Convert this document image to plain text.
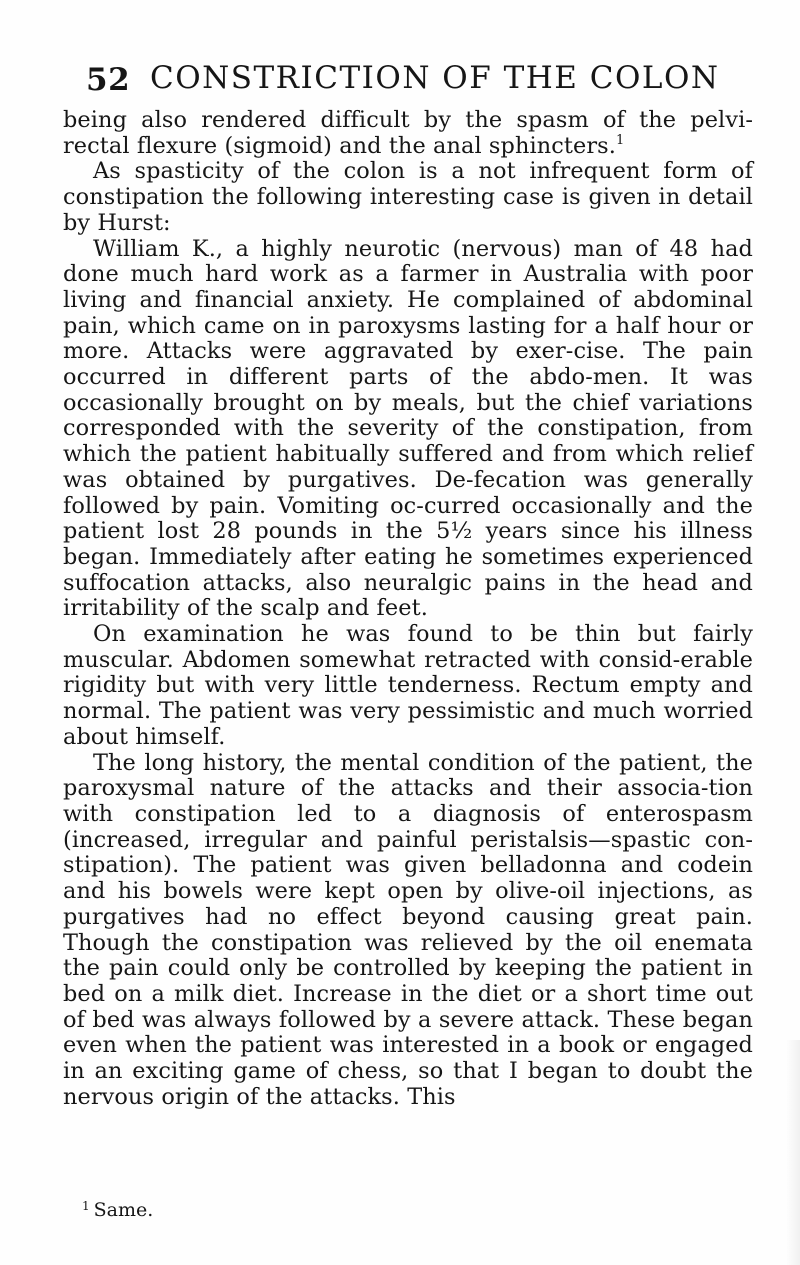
52 CONSTRICTION OF THE COLON

being also rendered difficult by the spasm of the pelvi-rectal flexure (sigmoid) and the anal sphincters.$^1$

As spasticity of the colon is a not infrequent form of constipation the following interesting case is given in detail by Hurst:

William K., a highly neurotic (nervous) man of 48 had done much hard work as a farmer in Australia with poor living and financial anxiety. He complained of abdominal pain, which came on in paroxysms lasting for a half hour or more. Attacks were aggravated by exer-cise. The pain occurred in different parts of the abdo-men. It was occasionally brought on by meals, but the chief variations corresponded with the severity of the constipation, from which the patient habitually suffered and from which relief was obtained by purgatives. De-fecation was generally followed by pain. Vomiting oc-curred occasionally and the patient lost 28 pounds in the 5½ years since his illness began. Immediately after eating he sometimes experienced suffocation attacks, also neuralgic pains in the head and irritability of the scalp and feet.

On examination he was found to be thin but fairly muscular. Abdomen somewhat retracted with consid-erable rigidity but with very little tenderness. Rectum empty and normal. The patient was very pessimistic and much worried about himself.

The long history, the mental condition of the patient, the paroxysmal nature of the attacks and their associa-tion with constipation led to a diagnosis of enterospasm (increased, irregular and painful peristalsis—spastic con-stipation). The patient was given belladonna and codein and his bowels were kept open by olive-oil injections, as purgatives had no effect beyond causing great pain. Though the constipation was relieved by the oil enemata the pain could only be controlled by keeping the patient in bed on a milk diet. Increase in the diet or a short time out of bed was always followed by a severe attack. These began even when the patient was interested in a book or engaged in an exciting game of chess, so that I began to doubt the nervous origin of the attacks. This

$^1$ Same.
